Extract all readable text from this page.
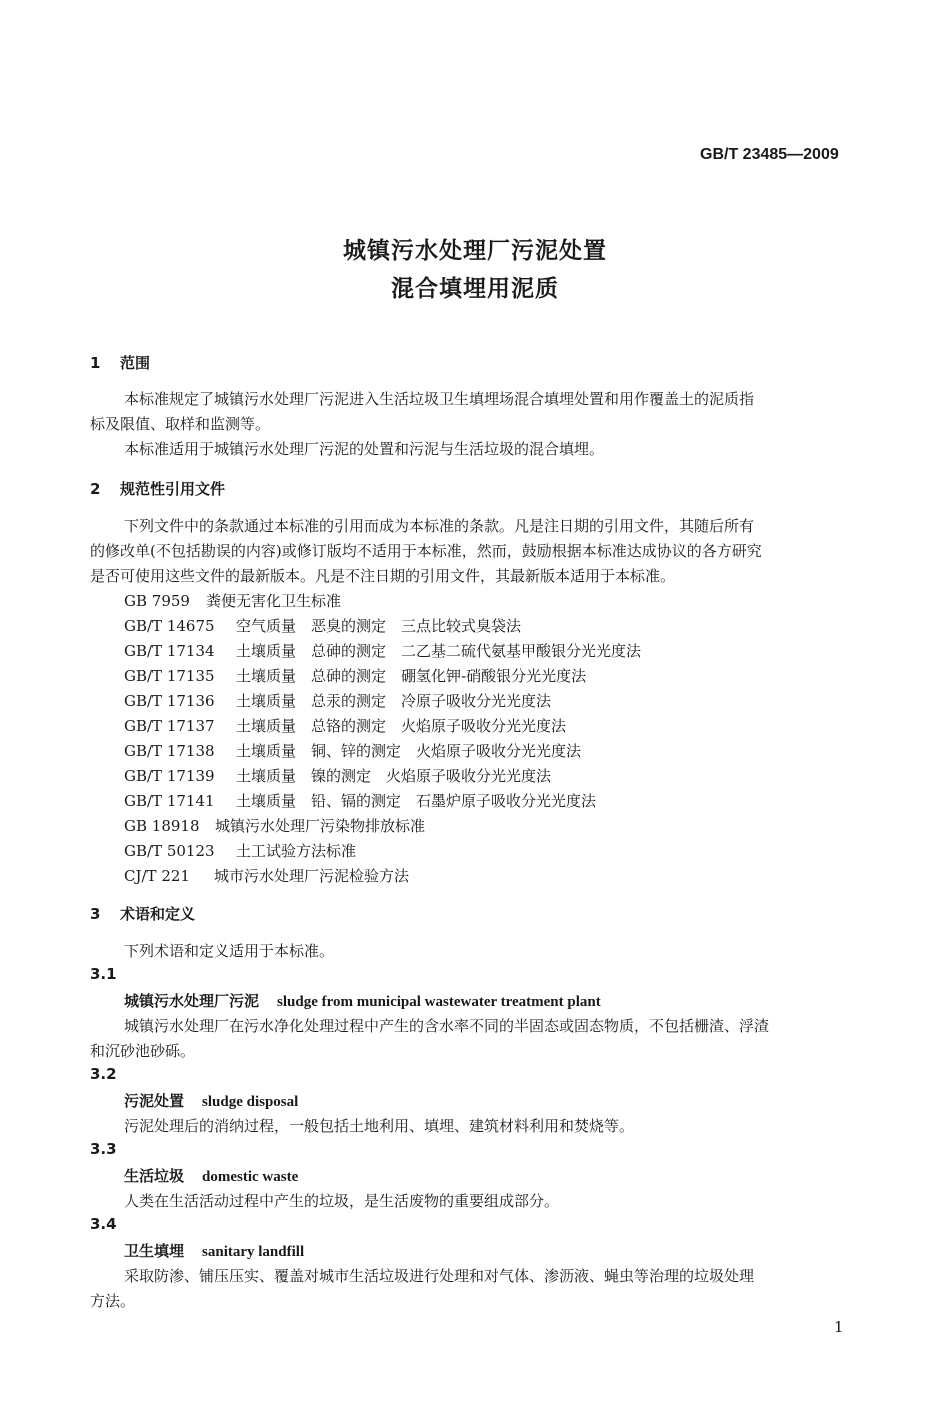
GB/T 23485—2009
城镇污水处理厂污泥处置
混合填埋用泥质
1 范围
本标准规定了城镇污水处理厂污泥进入生活垃圾卫生填埋场混合填埋处置和用作覆盖土的泥质指
标及限值、取样和监测等。
本标准适用于城镇污水处理厂污泥的处置和污泥与生活垃圾的混合填埋。
2 规范性引用文件
下列文件中的条款通过本标准的引用而成为本标准的条款。凡是注日期的引用文件，其随后所有
的修改单(不包括勘误的内容)或修订版均不适用于本标准，然而，鼓励根据本标准达成协议的各方研究
是否可使用这些文件的最新版本。凡是不注日期的引用文件，其最新版本适用于本标准。
GB 7959 粪便无害化卫生标准
GB/T 14675 空气质量　恶臭的测定　三点比较式臭袋法
GB/T 17134 土壤质量　总砷的测定　二乙基二硫代氨基甲酸银分光光度法
GB/T 17135 土壤质量　总砷的测定　硼氢化钾-硝酸银分光光度法
GB/T 17136 土壤质量　总汞的测定　冷原子吸收分光光度法
GB/T 17137 土壤质量　总铬的测定　火焰原子吸收分光光度法
GB/T 17138 土壤质量　铜、锌的测定　火焰原子吸收分光光度法
GB/T 17139 土壤质量　镍的测定　火焰原子吸收分光光度法
GB/T 17141 土壤质量　铅、镉的测定　石墨炉原子吸收分光光度法
GB 18918 城镇污水处理厂污染物排放标准
GB/T 50123 土工试验方法标准
CJ/T 221 城市污水处理厂污泥检验方法
3 术语和定义
下列术语和定义适用于本标准。
3.1
城镇污水处理厂污泥 sludge from municipal wastewater treatment plant
城镇污水处理厂在污水净化处理过程中产生的含水率不同的半固态或固态物质，不包括栅渣、浮渣
和沉砂池砂砾。
3.2
污泥处置 sludge disposal
污泥处理后的消纳过程，一般包括土地利用、填埋、建筑材料利用和焚烧等。
3.3
生活垃圾 domestic waste
人类在生活活动过程中产生的垃圾，是生活废物的重要组成部分。
3.4
卫生填埋 sanitary landfill
采取防渗、铺压压实、覆盖对城市生活垃圾进行处理和对气体、渗沥液、蝇虫等治理的垃圾处理
方法。
1
